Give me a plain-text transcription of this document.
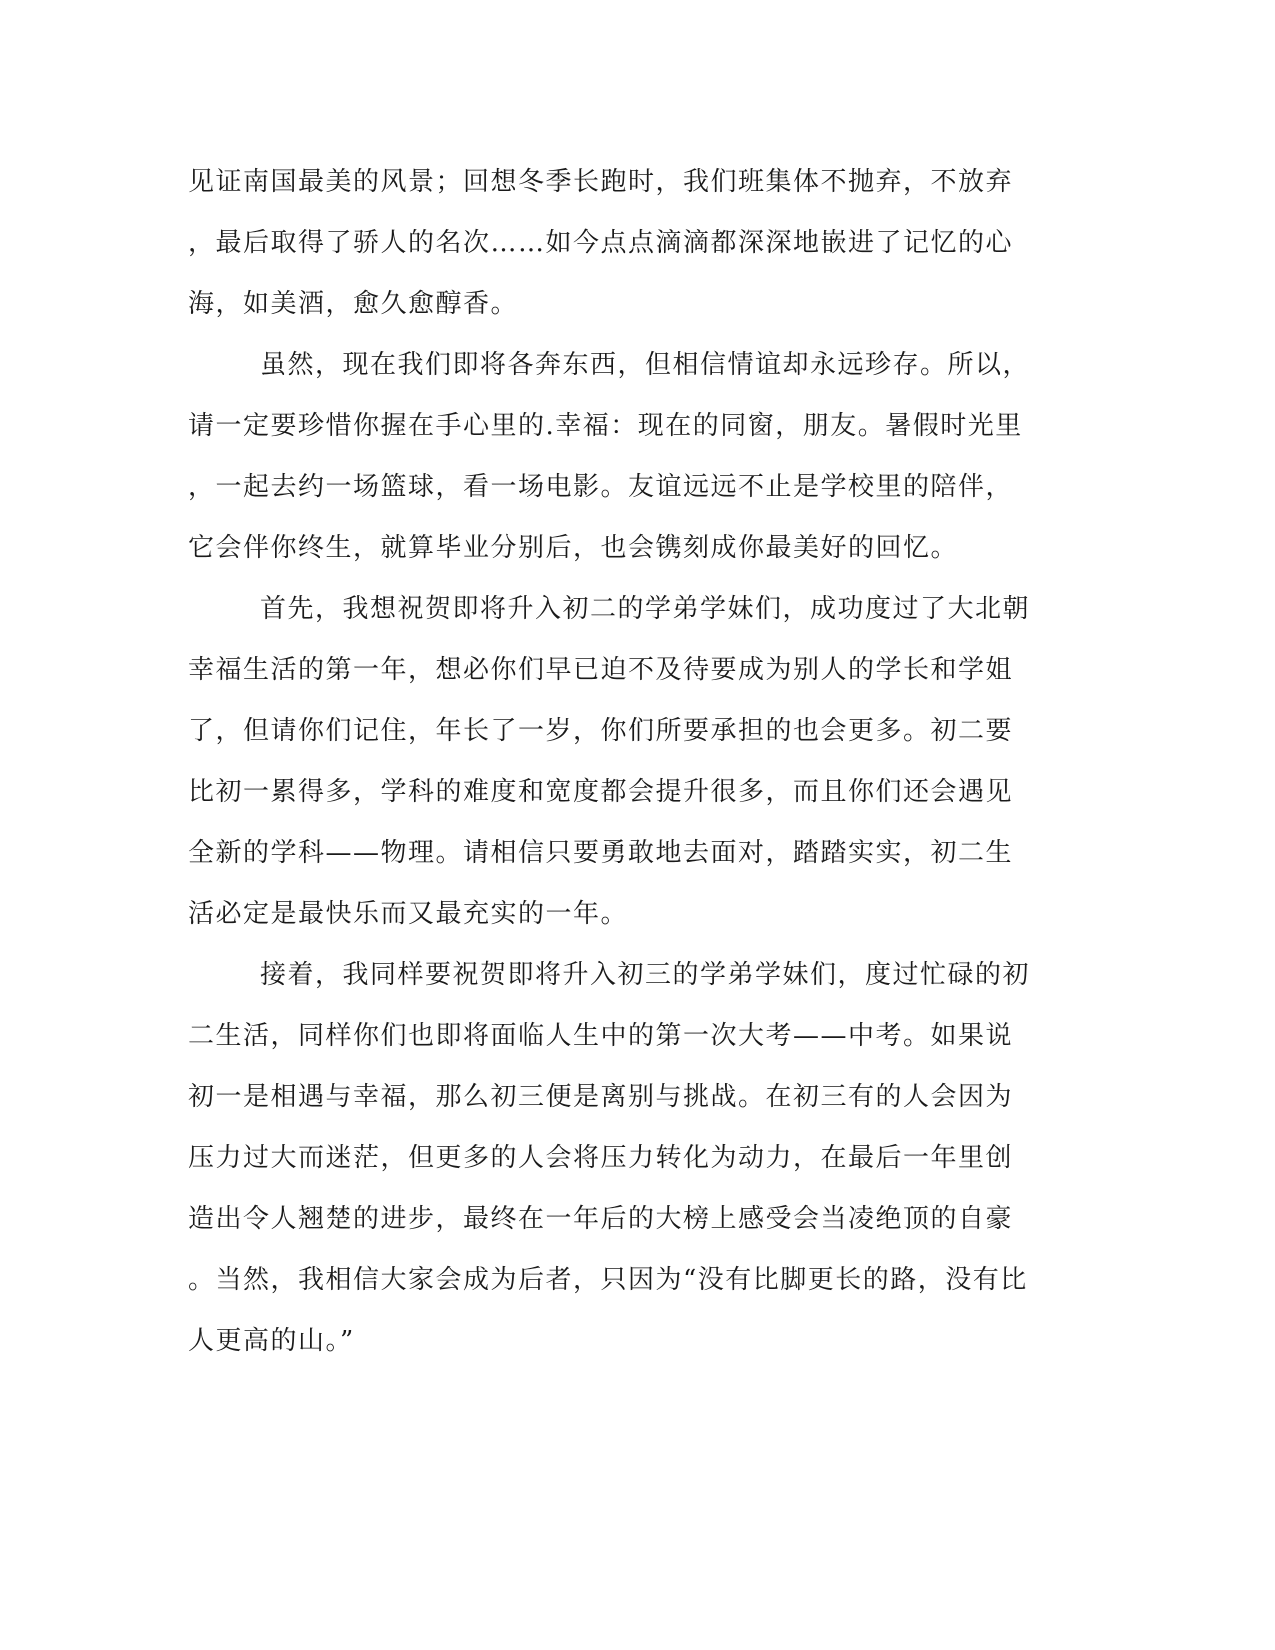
见证南国最美的风景；回想冬季长跑时，我们班集体不抛弃，不放弃
，最后取得了骄人的名次……如今点点滴滴都深深地嵌进了记忆的心
海，如美酒，愈久愈醇香。
虽然，现在我们即将各奔东西，但相信情谊却永远珍存。所以，
请一定要珍惜你握在手心里的.幸福：现在的同窗，朋友。暑假时光里
，一起去约一场篮球，看一场电影。友谊远远不止是学校里的陪伴，
它会伴你终生，就算毕业分别后，也会镌刻成你最美好的回忆。
首先，我想祝贺即将升入初二的学弟学妹们，成功度过了大北朝
幸福生活的第一年，想必你们早已迫不及待要成为别人的学长和学姐
了，但请你们记住，年长了一岁，你们所要承担的也会更多。初二要
比初一累得多，学科的难度和宽度都会提升很多，而且你们还会遇见
全新的学科——物理。请相信只要勇敢地去面对，踏踏实实，初二生
活必定是最快乐而又最充实的一年。
接着，我同样要祝贺即将升入初三的学弟学妹们，度过忙碌的初
二生活，同样你们也即将面临人生中的第一次大考——中考。如果说
初一是相遇与幸福，那么初三便是离别与挑战。在初三有的人会因为
压力过大而迷茫，但更多的人会将压力转化为动力，在最后一年里创
造出令人翘楚的进步，最终在一年后的大榜上感受会当凌绝顶的自豪
。当然，我相信大家会成为后者，只因为“没有比脚更长的路，没有比
人更高的山。”
